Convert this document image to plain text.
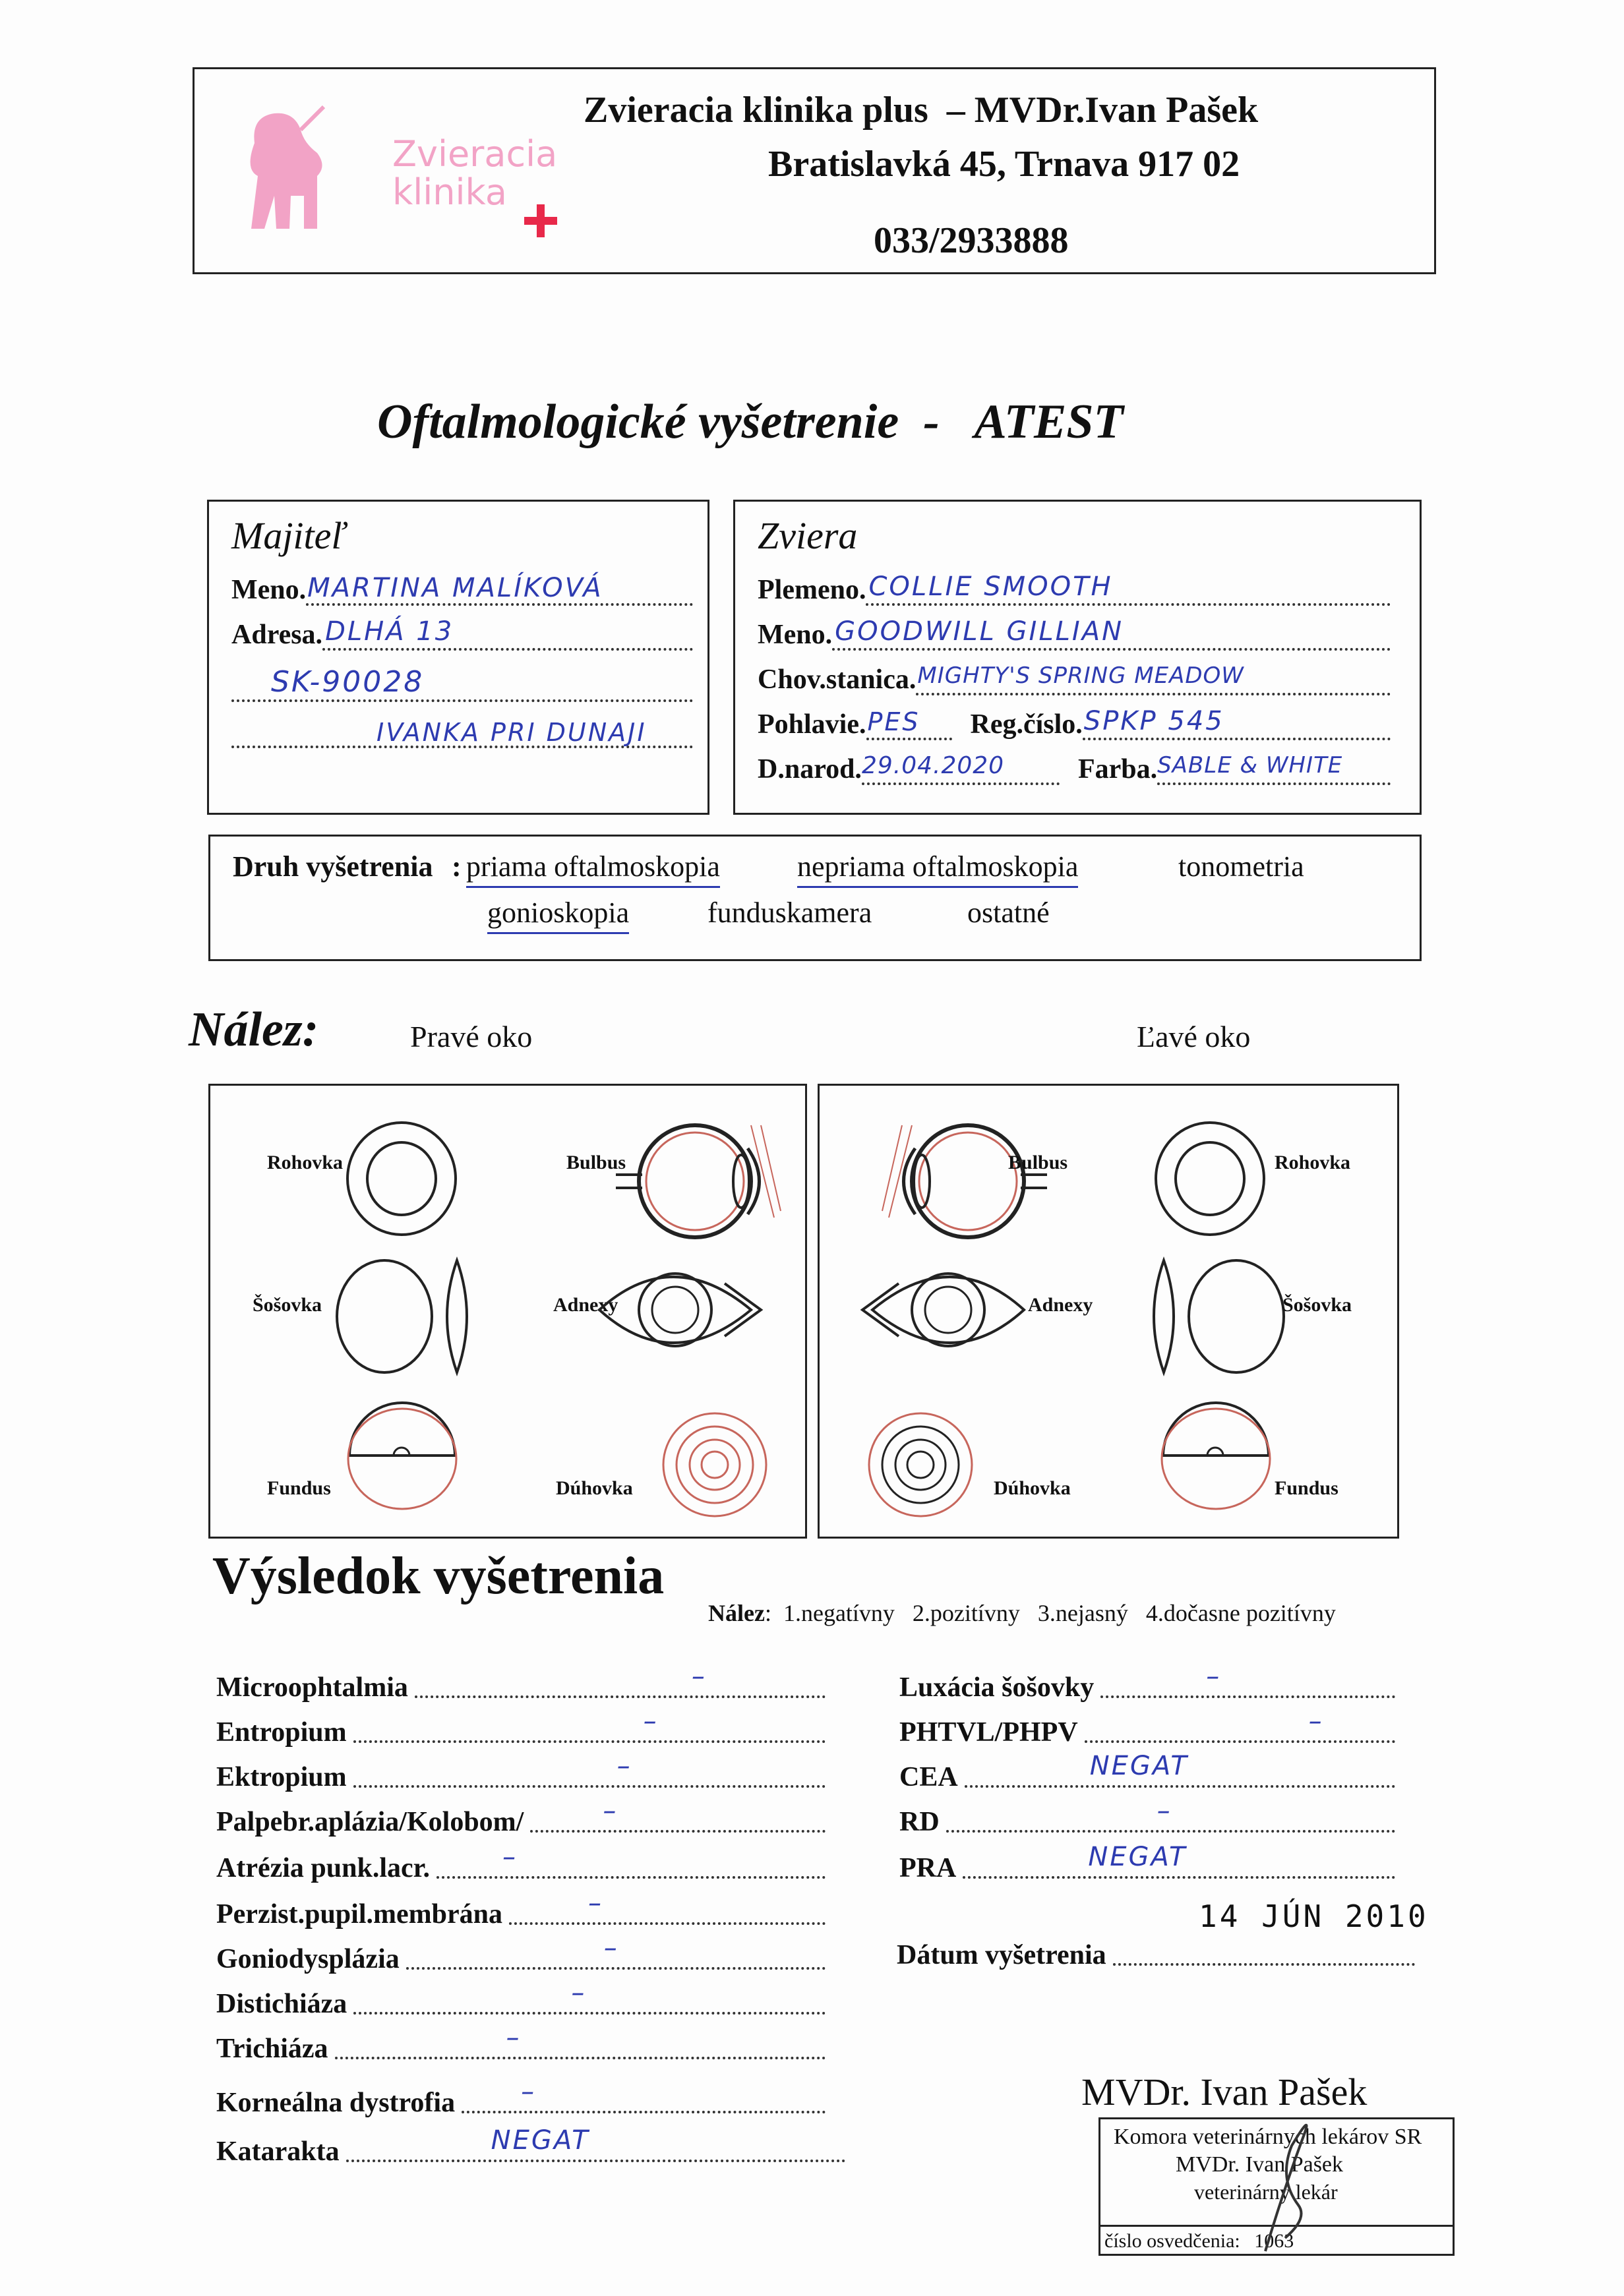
Zvieracia
klinika
Zvieracia klinika plus  – MVDr.Ivan Pašek
Bratislavká 45, Trnava 917 02
033/2933888
Oftalmologické vyšetrenie  -   ATEST
Majiteľ
Meno. MARTINA MALÍKOVÁ
Adresa. DLHÁ 13
SK-90028
IVANKA PRI DUNAJI
Zviera
Plemeno. COLLIE SMOOTH
Meno. GOODWILL GILLIAN
Chov.stanica. MIGHTY'S SPRING MEADOW
Pohlavie. PES Reg.číslo. SPKP 545
D.narod. 29.04.2020	Farba. SABLE & WHITE
Druh vyšetrenia : priama oftalmoskopia	nepriama oftalmoskopia	tonometria
gonioskopia	funduskamera	ostatné
Nález:	Pravé oko	Ľavé oko
Rohovka	Bulbus
Šošovka	Adnexy
Fundus	Dúhovka
Bulbus	Rohovka
Adnexy	Šošovka
Dúhovka	Fundus
Výsledok vyšetrenia

Nález:  1.negatívny   2.pozitívny   3.nejasný   4.dočasne pozitívny

Microophtalmia	–
Entropium	–
Ektropium	–
Palpebr.aplázia/Kolobom/	–
Atrézia punk.lacr.	–
Perzist.pupil.membrána	–
Goniodysplázia	–
Distichiáza	–
Trichiáza	–
Korneálna dystrofia	–
Katarakta	NEGAT
Luxácia šošovky	–
PHTVL/PHPV	–
CEA	NEGAT
RD	–
PRA	NEGAT
14 JÚN 2010
Dátum vyšetrenia
MVDr. Ivan Pašek
Komora veterinárnych lekárov SR
MVDr. Ivan Pašek
veterinárny lekár
číslo osvedčenia: 1063
